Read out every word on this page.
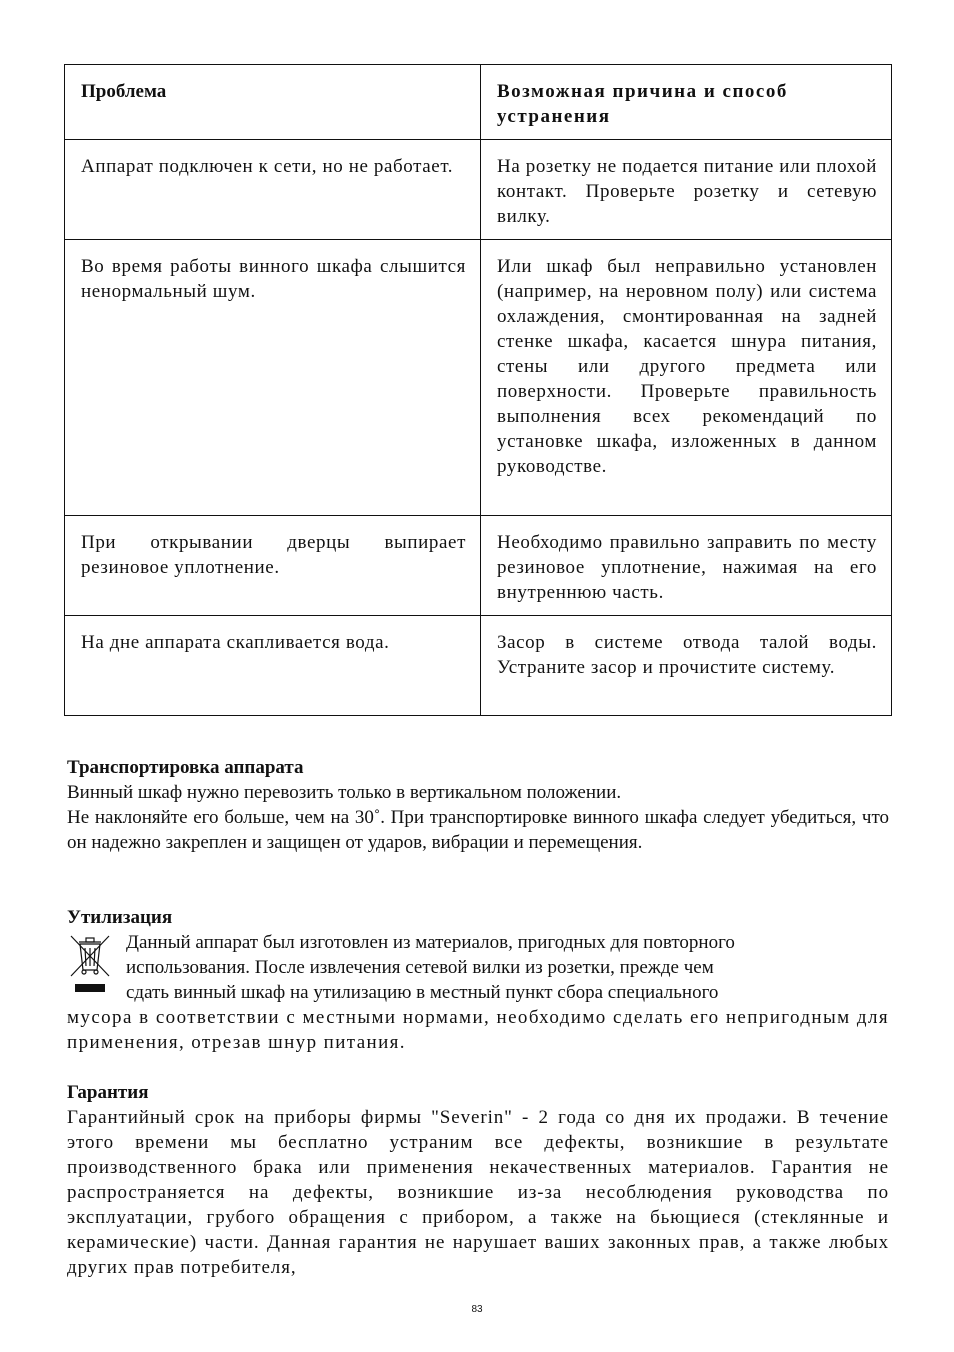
Проблема	Возможная причина и способ устранения
Аппарат подключен к сети, но не работает.	На розетку не подается питание или плохой контакт. Проверьте розетку и сетевую вилку.
Во время работы винного шкафа слышится ненормальный шум.	Или шкаф был неправильно установлен (например, на неровном полу) или система охлаждения, смонтированная на задней стенке шкафа, касается шнура питания, стены или другого предмета или поверхности. Проверьте правильность выполнения всех рекомендаций по установке шкафа, изложенных в данном руководстве.
При открывании дверцы выпирает резиновое уплотнение.	Необходимо правильно заправить по месту резиновое уплотнение, нажимая на его внутреннюю часть.
На дне аппарата скапливается вода.	Засор в системе отвода талой воды. Устраните засор и прочистите систему.

Транспортировка аппарата

Винный шкаф нужно перевозить только в вертикальном положении.

Не наклоняйте его больше, чем на 30˚. При транспортировке винного шкафа следует убедиться, что он надежно закреплен и защищен от ударов, вибрации и перемещения.

Утилизация

Данный аппарат был изготовлен из материалов, пригодных для повторного
использования. После извлечения сетевой вилки из розетки, прежде чем
сдать винный шкаф на утилизацию в местный пункт сбора специального

мусора в соответствии с местными нормами, необходимо сделать его непригодным для применения, отрезав шнур питания.

Гарантия

Гарантийный срок на приборы фирмы "Severin" - 2 года со дня их продажи. В течение этого времени мы бесплатно устраним все дефекты, возникшие в результате производственного брака или применения некачественных материалов. Гарантия не распространяется на дефекты, возникшие из-за несоблюдения руководства по эксплуатации, грубого обращения с прибором, а также на бьющиеся (стеклянные и керамические) части. Данная гарантия не нарушает ваших законных прав, а также любых других прав потребителя,

83
